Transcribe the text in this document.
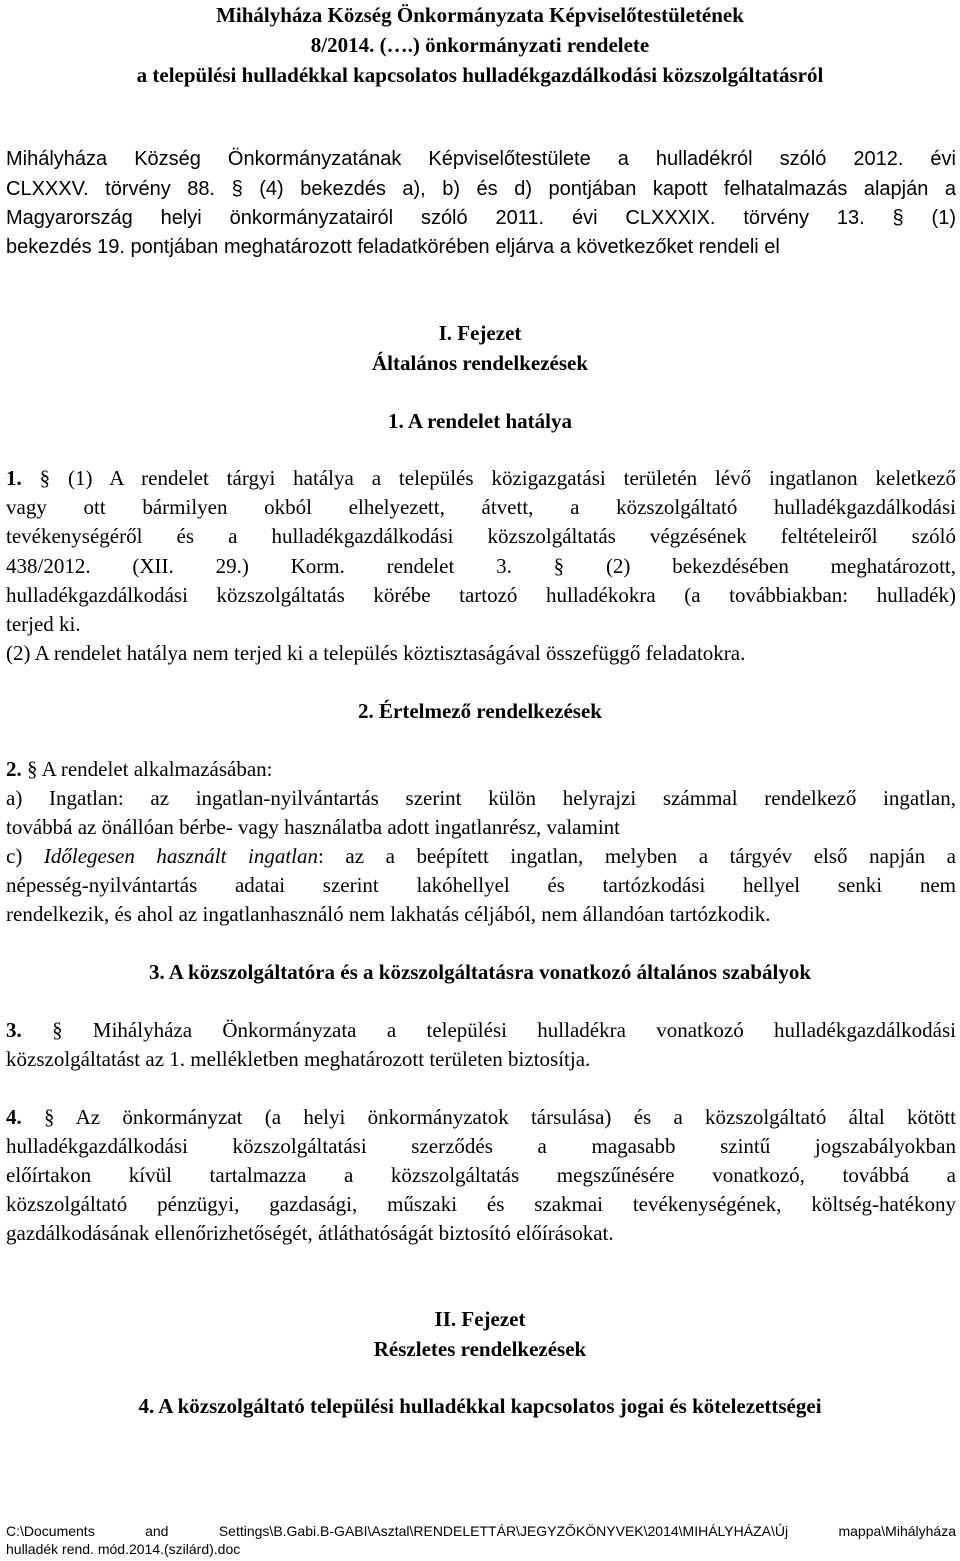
Mihályháza Község Önkormányzata Képviselőtestületének
8/2014. (….) önkormányzati rendelete
a települési hulladékkal kapcsolatos hulladékgazdálkodási közszolgáltatásról
Mihályháza Község Önkormányzatának Képviselőtestülete a hulladékról szóló 2012. évi
CLXXXV. törvény 88. § (4) bekezdés a), b) és d) pontjában kapott felhatalmazás alapján a
Magyarország helyi önkormányzatairól szóló 2011. évi CLXXXIX. törvény 13. § (1)
bekezdés 19. pontjában meghatározott feladatkörében eljárva a következőket rendeli el
I. Fejezet
Általános rendelkezések
1. A rendelet hatálya
1. § (1) A rendelet tárgyi hatálya a település közigazgatási területén lévő ingatlanon keletkező
vagy ott bármilyen okból elhelyezett, átvett, a közszolgáltató hulladékgazdálkodási
tevékenységéről és a hulladékgazdálkodási közszolgáltatás végzésének feltételeiről szóló
438/2012. (XII. 29.) Korm. rendelet 3. § (2) bekezdésében meghatározott,
hulladékgazdálkodási közszolgáltatás körébe tartozó hulladékokra (a továbbiakban: hulladék)
terjed ki.
(2) A rendelet hatálya nem terjed ki a település köztisztaságával összefüggő feladatokra.
2. Értelmező rendelkezések
2. § A rendelet alkalmazásában:
a) Ingatlan: az ingatlan-nyilvántartás szerint külön helyrajzi számmal rendelkező ingatlan,
továbbá az önállóan bérbe- vagy használatba adott ingatlanrész, valamint
c) Időlegesen használt ingatlan: az a beépített ingatlan, melyben a tárgyév első napján a
népesség-nyilvántartás adatai szerint lakóhellyel és tartózkodási hellyel senki nem
rendelkezik, és ahol az ingatlanhasználó nem lakhatás céljából, nem állandóan tartózkodik.
3. A közszolgáltatóra és a közszolgáltatásra vonatkozó általános szabályok
3. § Mihályháza Önkormányzata a települési hulladékra vonatkozó hulladékgazdálkodási
közszolgáltatást az 1. mellékletben meghatározott területen biztosítja.
4. § Az önkormányzat (a helyi önkormányzatok társulása) és a közszolgáltató által kötött
hulladékgazdálkodási közszolgáltatási szerződés a magasabb szintű jogszabályokban
előírtakon kívül tartalmazza a közszolgáltatás megszűnésére vonatkozó, továbbá a
közszolgáltató pénzügyi, gazdasági, műszaki és szakmai tevékenységének, költség-hatékony
gazdálkodásának ellenőrizhetőségét, átláthatóságát biztosító előírásokat.
II. Fejezet
Részletes rendelkezések
4. A közszolgáltató települési hulladékkal kapcsolatos jogai és kötelezettségei
C:\Documents and Settings\B.Gabi.B-GABI\Asztal\RENDELETTÁR\JEGYZŐKÖNYVEK\2014\MIHÁLYHÁZA\Új mappa\Mihályháza
hulladék rend. mód.2014.(szilárd).doc
